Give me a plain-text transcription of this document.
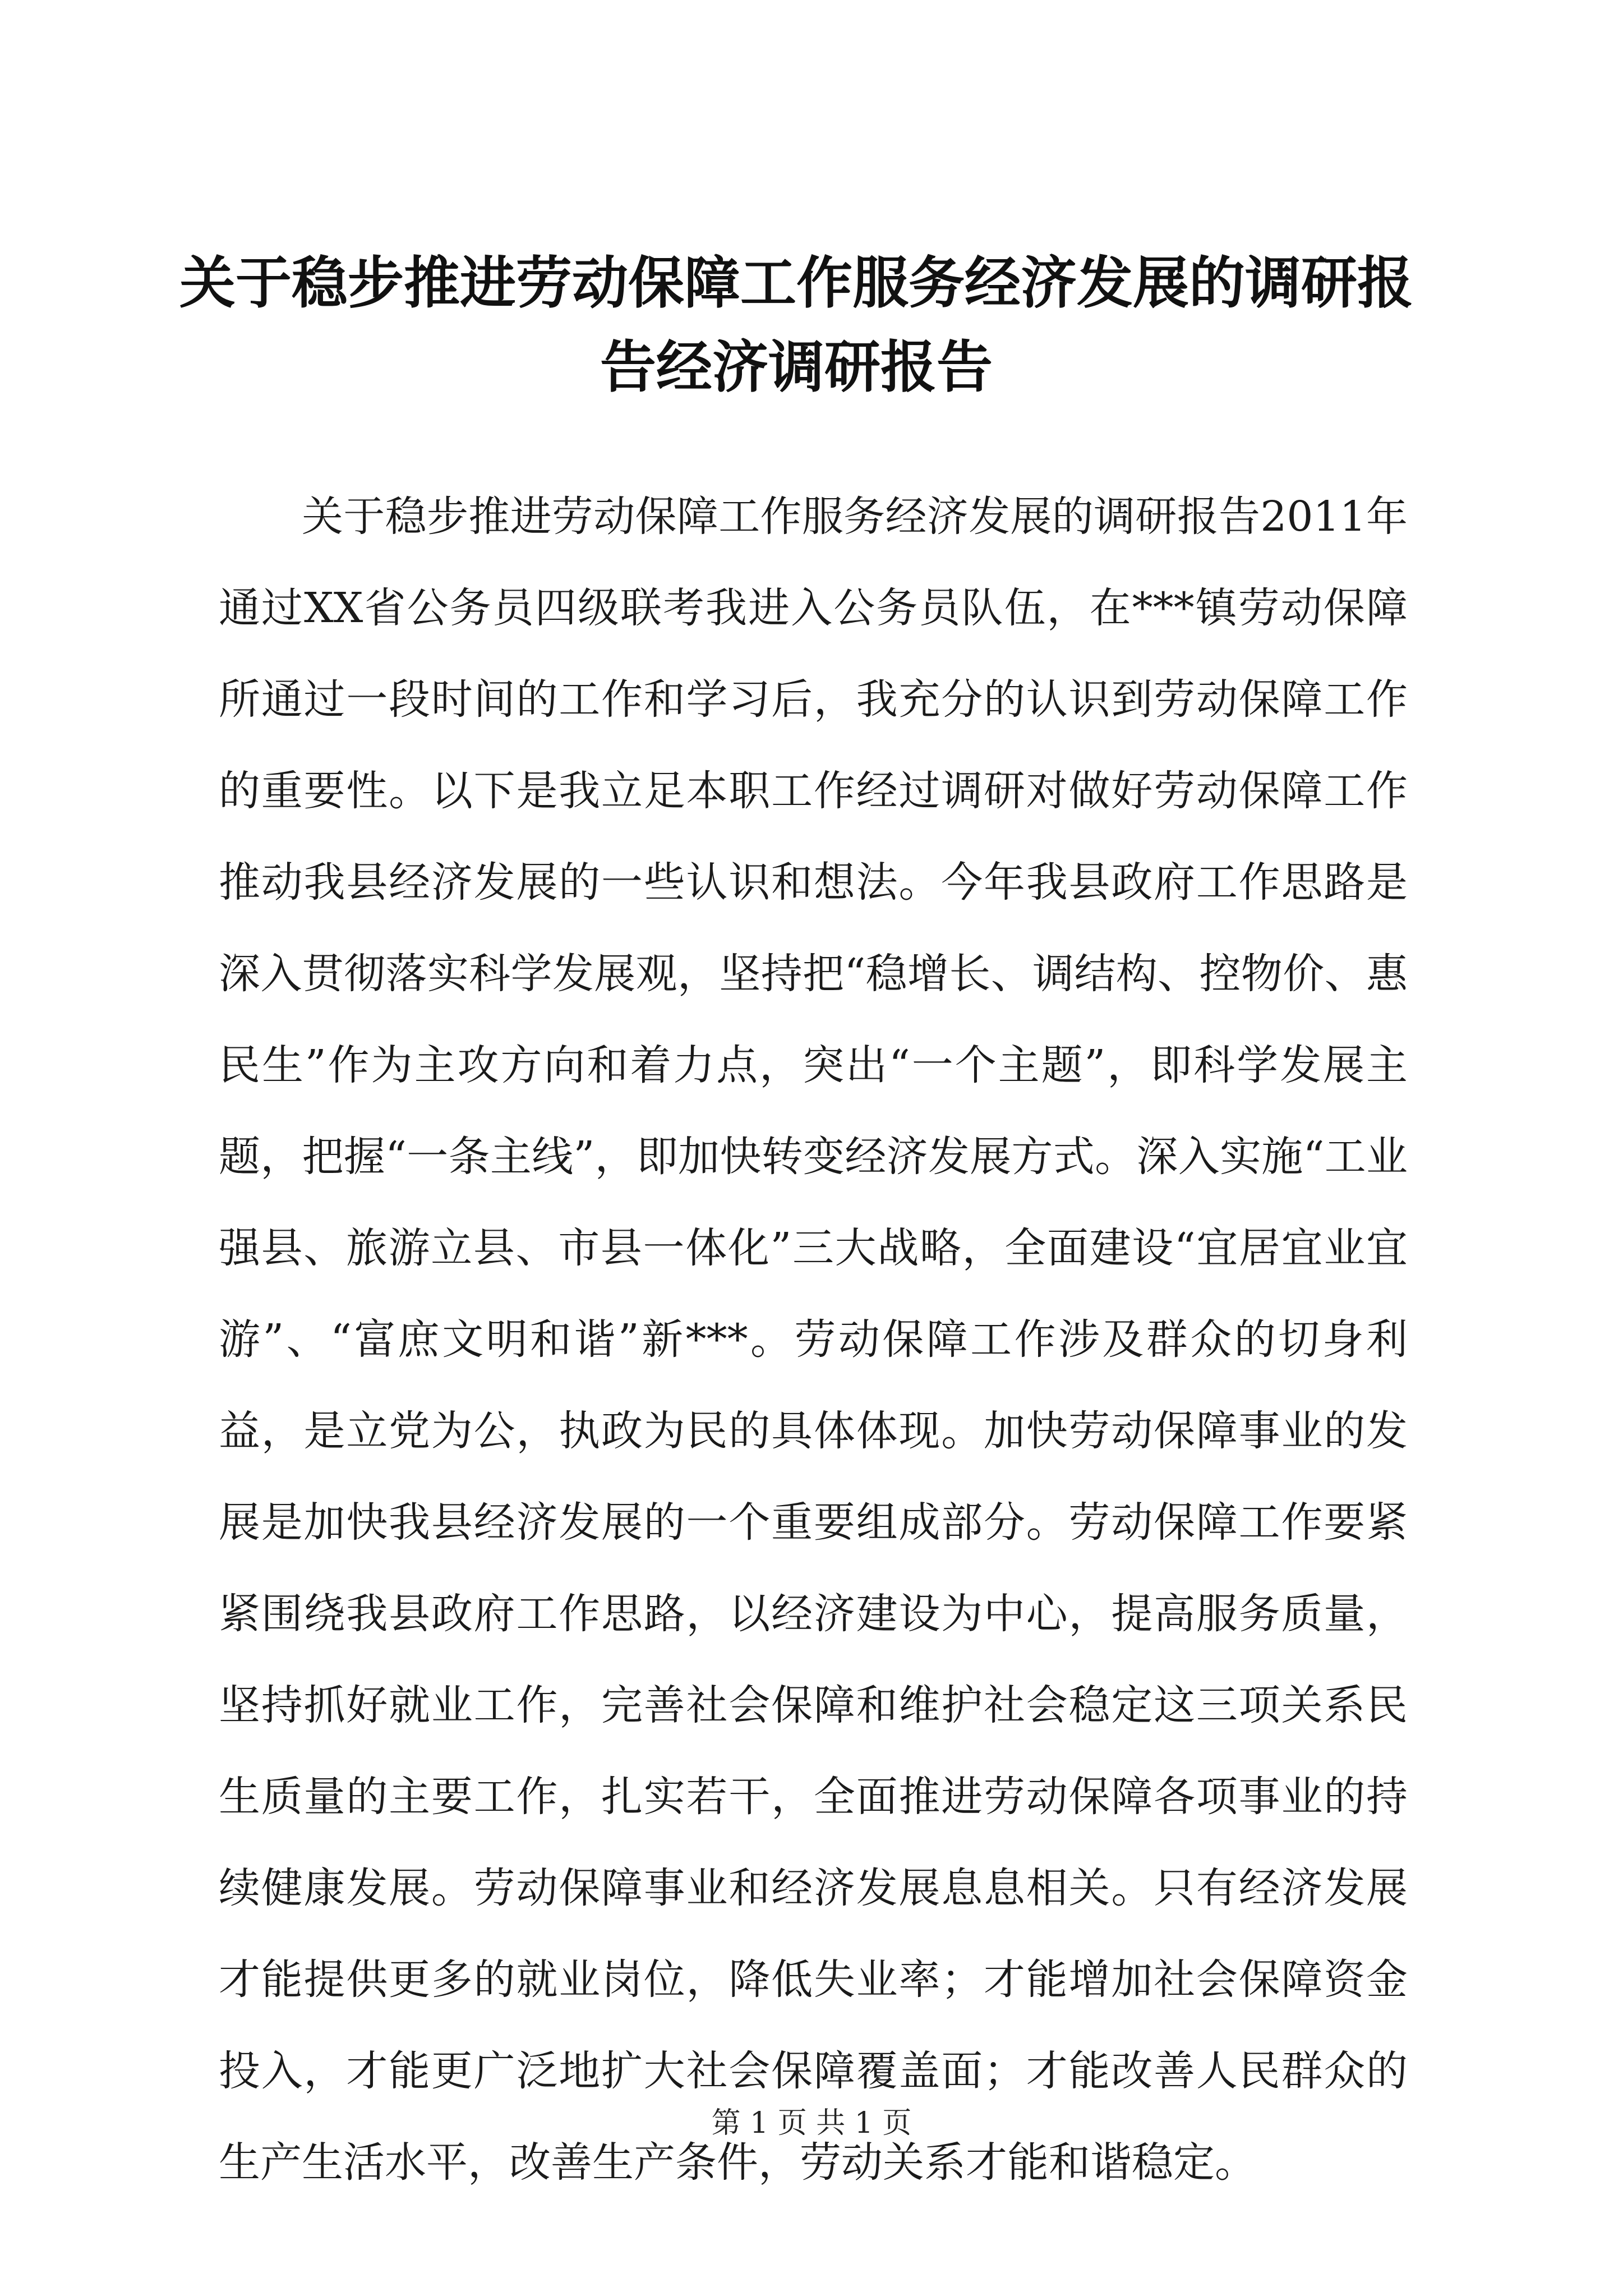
关于稳步推进劳动保障工作服务经济发展的调研报告经济调研报告

关于稳步推进劳动保障工作服务经济发展的调研报告2011年通过XX省公务员四级联考我进入公务员队伍，在***镇劳动保障所通过一段时间的工作和学习后，我充分的认识到劳动保障工作的重要性。以下是我立足本职工作经过调研对做好劳动保障工作推动我县经济发展的一些认识和想法。今年我县政府工作思路是深入贯彻落实科学发展观，坚持把“稳增长、调结构、控物价、惠民生”作为主攻方向和着力点，突出“一个主题”，即科学发展主题，把握“一条主线”，即加快转变经济发展方式。深入实施“工业强县、旅游立县、市县一体化”三大战略，全面建设“宜居宜业宜游”、“富庶文明和谐”新***。劳动保障工作涉及群众的切身利益，是立党为公，执政为民的具体体现。加快劳动保障事业的发展是加快我县经济发展的一个重要组成部分。劳动保障工作要紧紧围绕我县政府工作思路，以经济建设为中心，提高服务质量，坚持抓好就业工作，完善社会保障和维护社会稳定这三项关系民生质量的主要工作，扎实若干，全面推进劳动保障各项事业的持续健康发展。劳动保障事业和经济发展息息相关。只有经济发展才能提供更多的就业岗位，降低失业率；才能增加社会保障资金投入，才能更广泛地扩大社会保障覆盖面；才能改善人民群众的生产生活水平，改善生产条件，劳动关系才能和谐稳定。

第 1 页 共 1 页
